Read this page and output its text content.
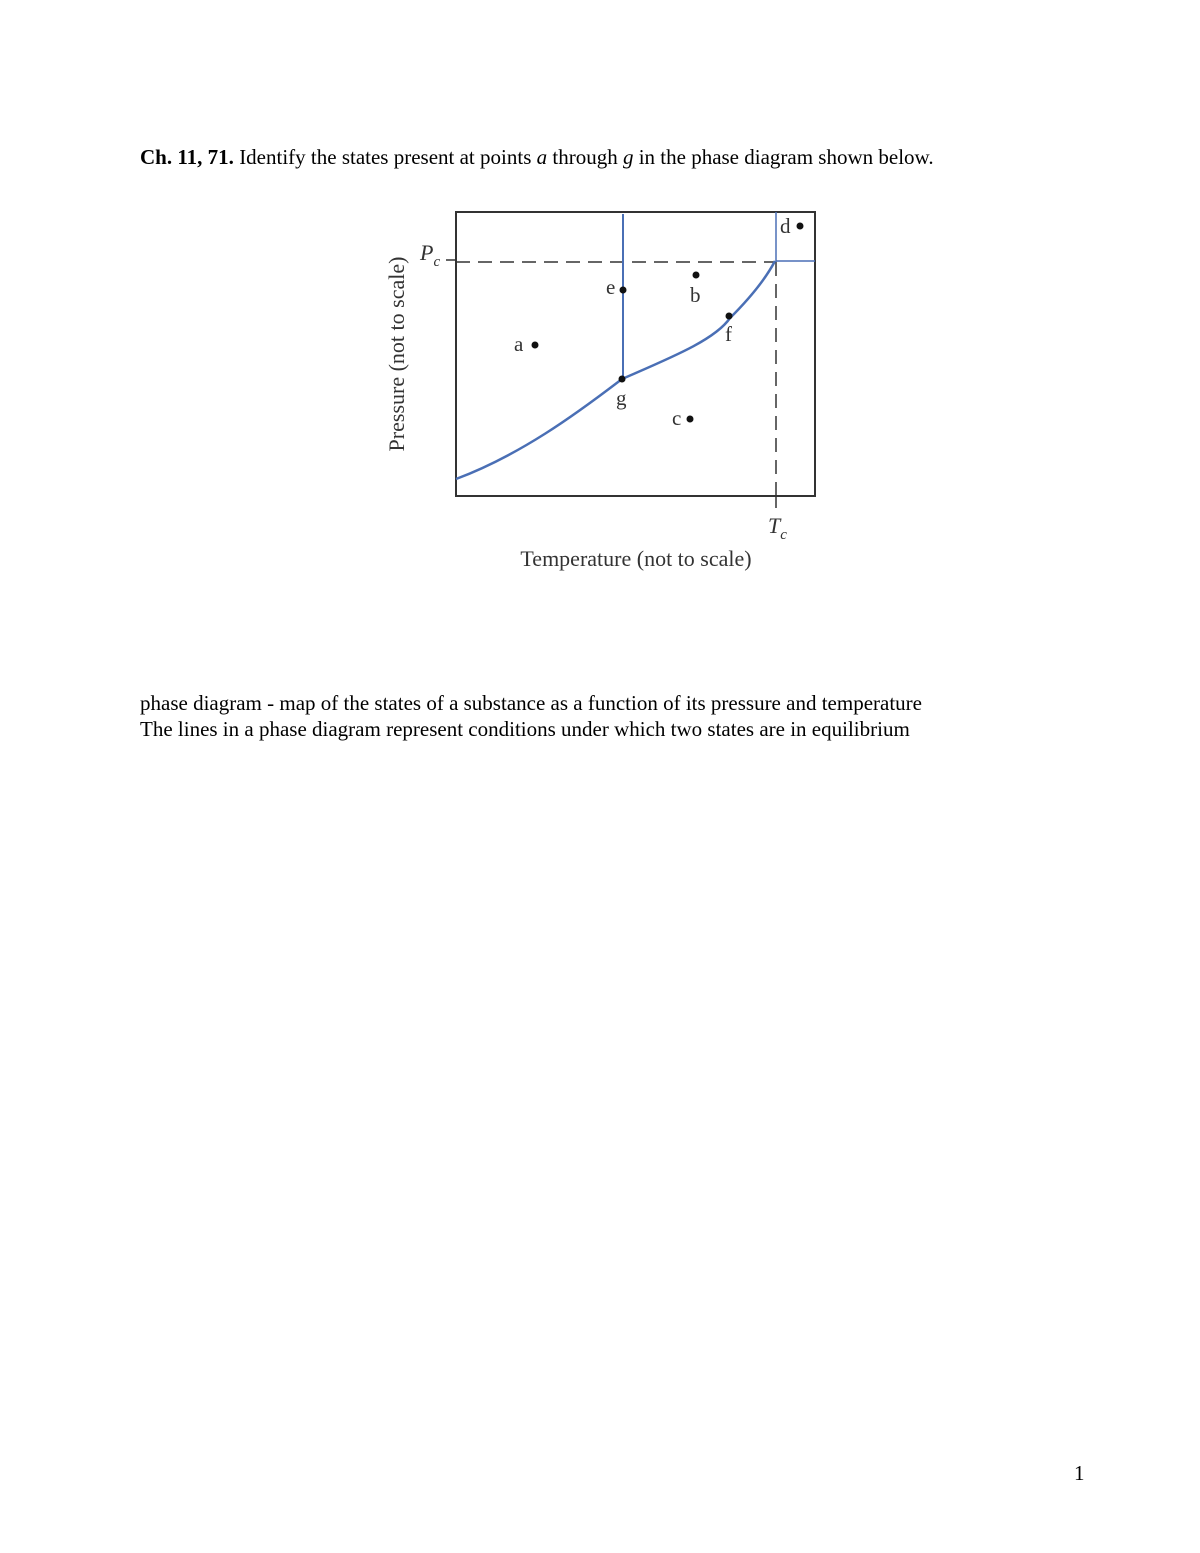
Ch. 11, 71. Identify the states present at points a through g in the phase diagram shown below.
a
b
c
d
e
f
g
$P_c$
$T_c$
Temperature (not to scale)
Pressure (not to scale)
phase diagram - map of the states of a substance as a function of its pressure and temperature
The lines in a phase diagram represent conditions under which two states are in equilibrium
1
